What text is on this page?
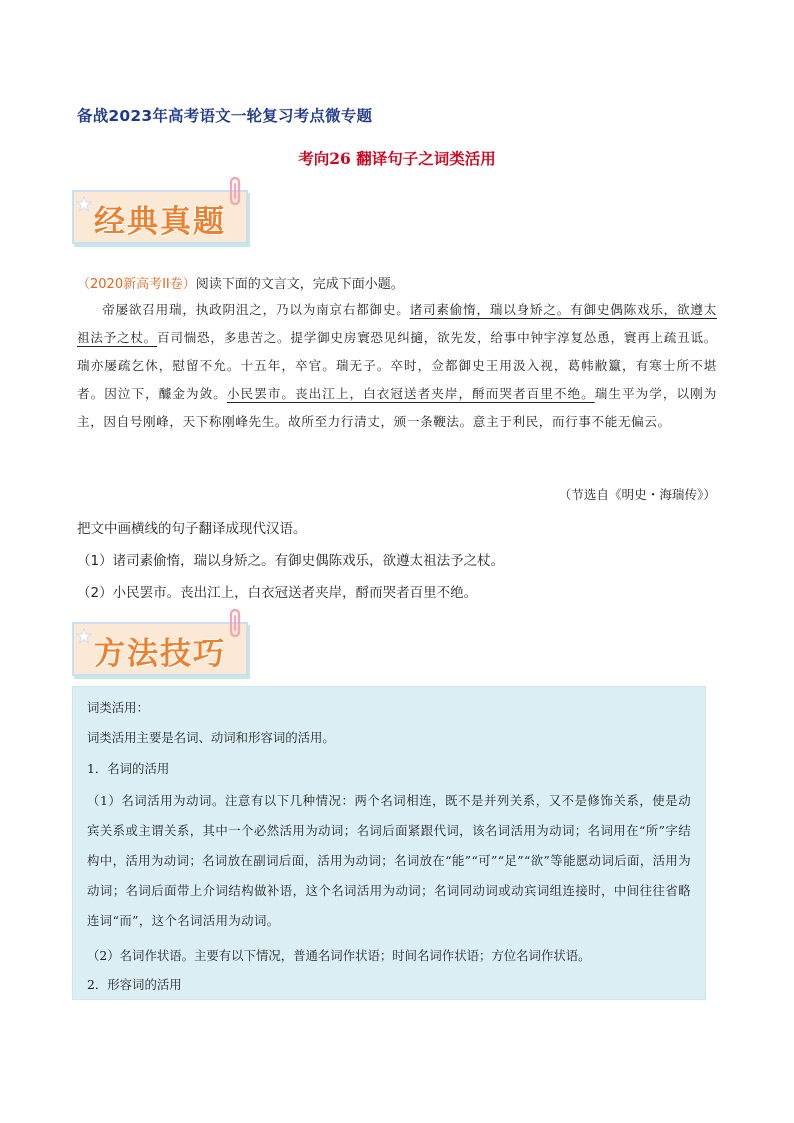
备战2023年高考语文一轮复习考点微专题
考向26 翻译句子之词类活用
经典真题
（2020新高考II卷）阅读下面的文言文，完成下面小题。
帝屡欲召用瑞，执政阴沮之，乃以为南京右都御史。诸司素偷惰，瑞以身矫之。有御史偶陈戏乐，欲遵太祖法予之杖。百司惴恐，多患苦之。提学御史房寰恐见纠擿，欲先发，给事中钟宇淳复怂恿，寰再上疏丑诋。瑞亦屡疏乞休，慰留不允。十五年，卒官。瑞无子。卒时，佥都御史王用汲入视，葛帏敝籝，有寒士所不堪者。因泣下，醵金为敛。小民罢市。丧出江上，白衣冠送者夹岸，酹而哭者百里不绝。瑞生平为学，以刚为主，因自号刚峰，天下称刚峰先生。故所至力行清丈，颁一条鞭法。意主于利民，而行事不能无偏云。
（节选自《明史・海瑞传》）
把文中画横线的句子翻译成现代汉语。
（1）诸司素偷惰，瑞以身矫之。有御史偶陈戏乐，欲遵太祖法予之杖。
（2）小民罢市。丧出江上，白衣冠送者夹岸，酹而哭者百里不绝。
方法技巧
词类活用：
词类活用主要是名词、动词和形容词的活用。
1．名词的活用
（1）名词活用为动词。注意有以下几种情况：两个名词相连，既不是并列关系，又不是修饰关系，使是动宾关系或主谓关系，其中一个必然活用为动词；名词后面紧跟代词，该名词活用为动词；名词用在“所”字结构中，活用为动词；名词放在副词后面，活用为动词；名词放在“能”“可”“足”“欲”等能愿动词后面，活用为动词；名词后面带上介词结构做补语，这个名词活用为动词；名词同动词或动宾词组连接时，中间往往省略连词“而”，这个名词活用为动词。
（2）名词作状语。主要有以下情况，普通名词作状语；时间名词作状语；方位名词作状语。
2．形容词的活用
